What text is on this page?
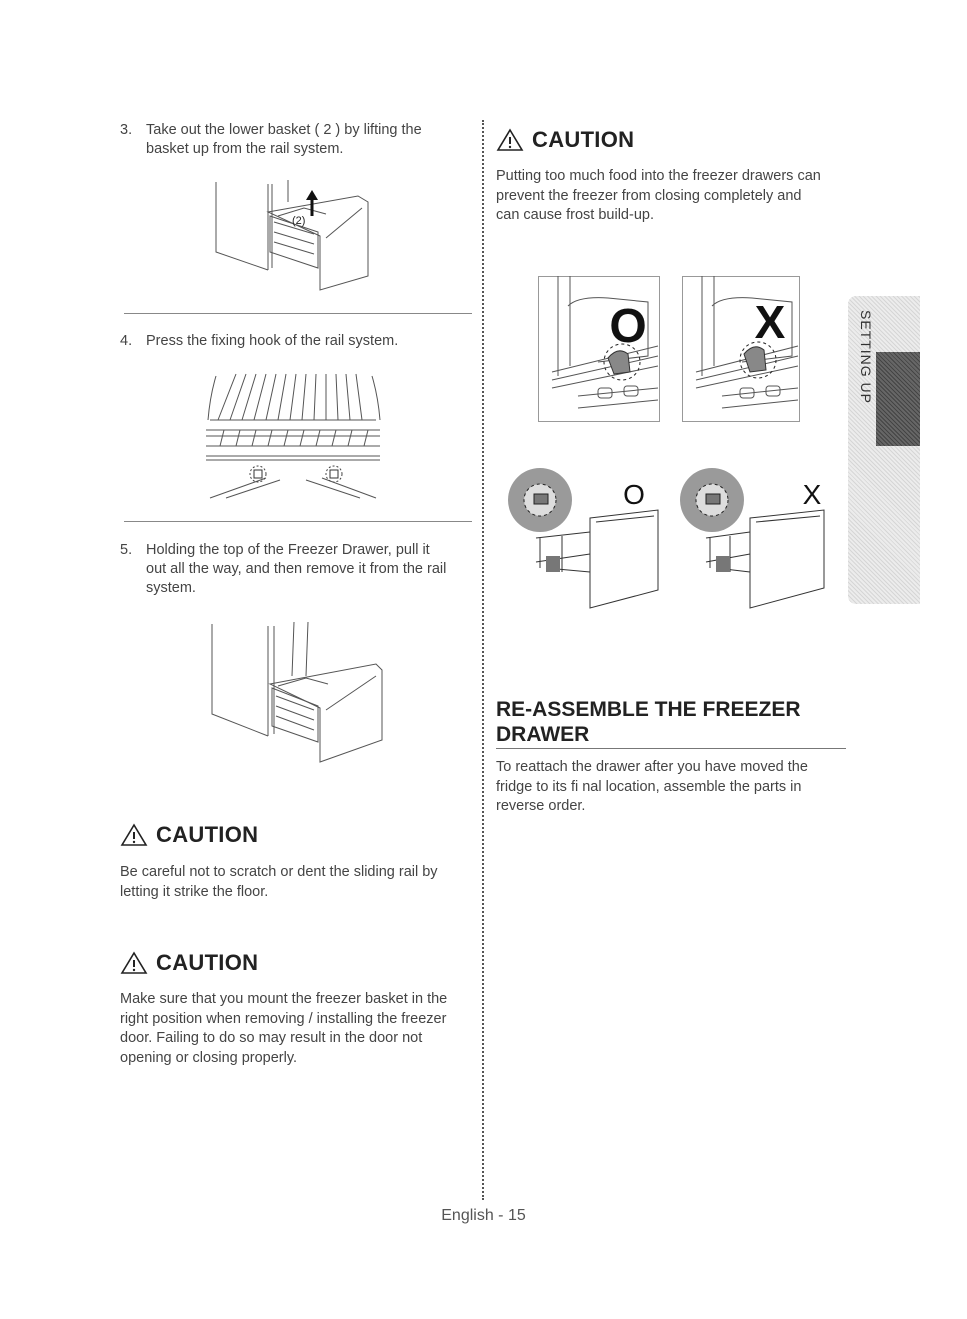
3. Take out the lower basket ( 2 ) by lifting the
basket up from the rail system.
(2)
4. Press the fixing hook of the rail system.
5. Holding the top of the Freezer Drawer, pull it
out all the way, and then remove it from the rail
system.
CAUTION
Be careful not to scratch or dent the sliding rail by
letting it strike the floor.
CAUTION
Make sure that you mount the freezer basket in the
right position when removing / installing the freezer
door. Failing to do so may result in the door not
opening or closing properly.
CAUTION
Putting too much food into the freezer drawers can
prevent the freezer from closing completely and
can cause frost build-up.
O X
O	X
RE-ASSEMBLE THE FREEZER
DRAWER
To reattach the drawer after you have moved the
fridge to its fi nal location, assemble the parts in
reverse order.
SETTING UP
English - 15
